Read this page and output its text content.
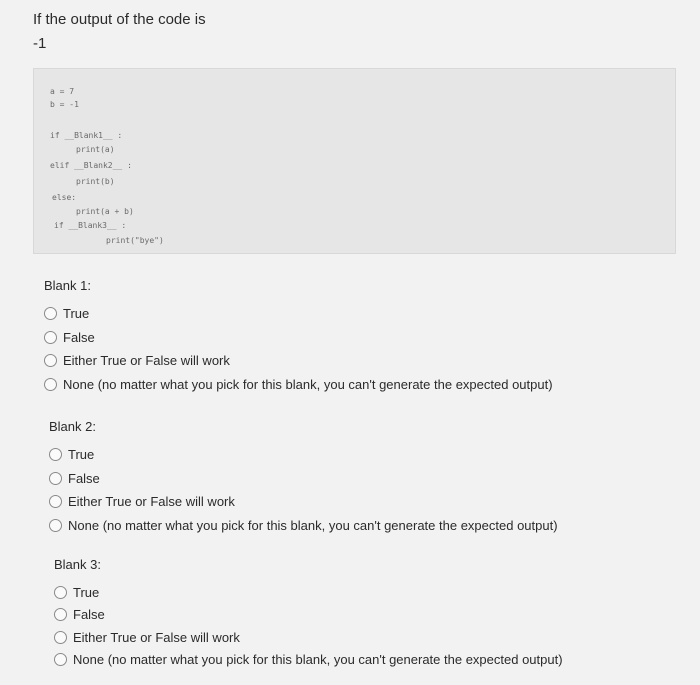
If the output of the code is
-1
a = 7
b = -1
if __Blank1__ :
print(a)
elif __Blank2__ :
print(b)
else:
print(a + b)
if __Blank3__ :
print("bye")
Blank 1:
True
False
Either True or False will work
None (no matter what you pick for this blank, you can't generate the expected output)
Blank 2:
True
False
Either True or False will work
None (no matter what you pick for this blank, you can't generate the expected output)
Blank 3:
True
False
Either True or False will work
None (no matter what you pick for this blank, you can't generate the expected output)
